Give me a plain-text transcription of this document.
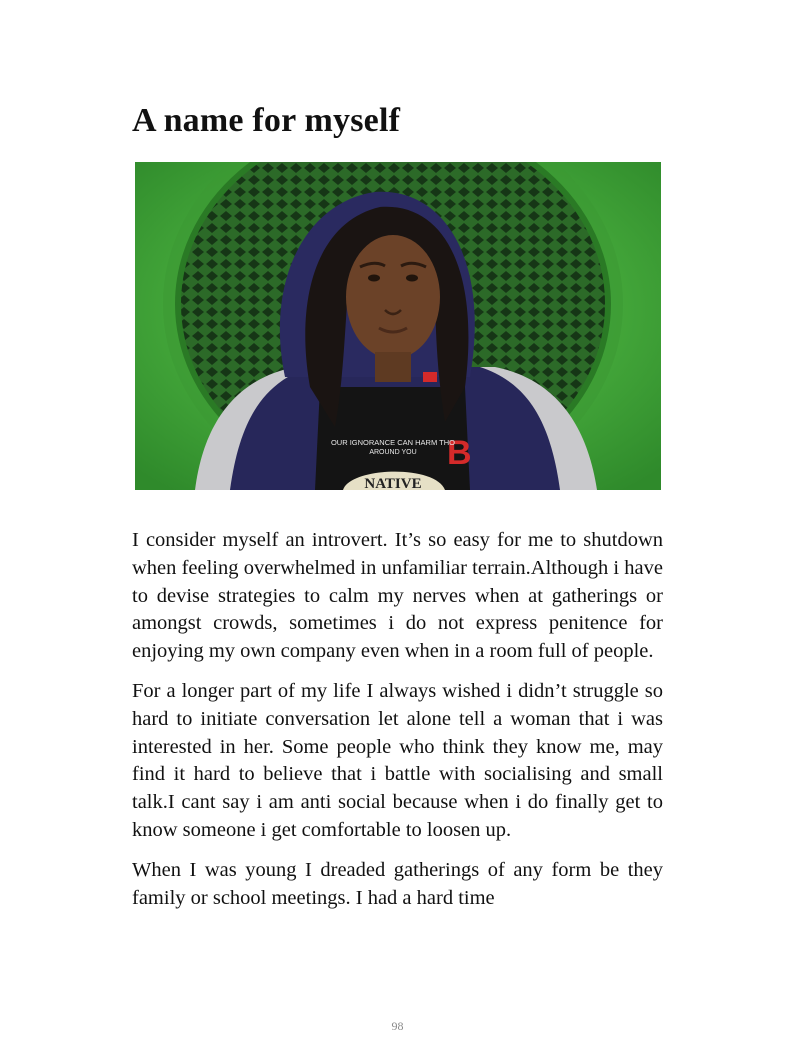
A name for myself
B
OUR IGNORANCE CAN HARM THO
AROUND YOU
NATIVE

I consider myself an introvert. It’s so easy for me to shutdown when feeling overwhelmed in unfamiliar terrain.Although i have to devise strategies to calm my nerves when at gatherings or amongst crowds, sometimes i do not express penitence for enjoying my own company even when in a room full of people.

For a longer part of my life I always wished i didn’t struggle so hard to initiate conversation let alone tell a woman that i was interested in her. Some people who think they know me, may find it hard to believe that i battle with socialising and small talk.I cant say i am anti social because when i do finally get to know someone i get comfortable to loosen up.

When I was young I dreaded gatherings of any form be they family or school meetings. I had a hard time

98
